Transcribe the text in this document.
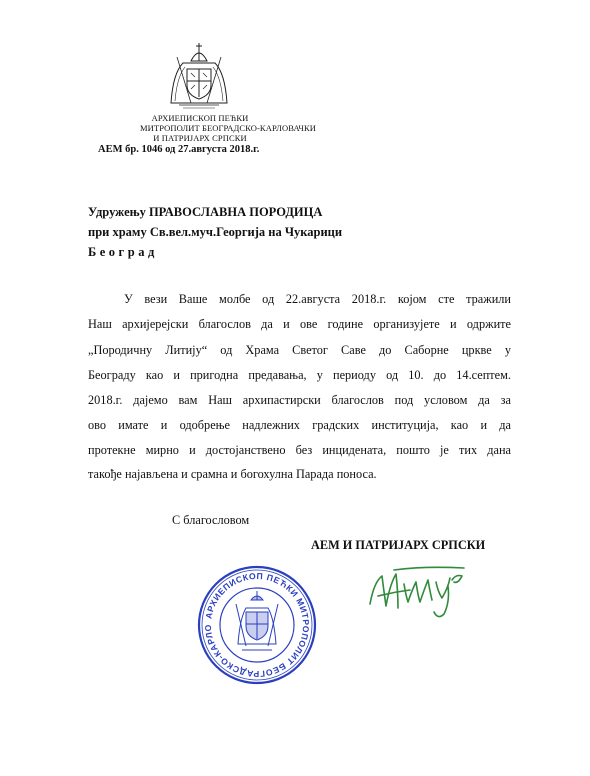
АРХИЕПИСКОП ПЕЋКИ
МИТРОПОЛИТ БЕОГРАДСКО-КАРЛОВАЧКИ
И ПАТРИЈАРХ СРПСКИ
АЕМ бр. 1046 од 27.августа 2018.г.
Удружењу ПРАВОСЛАВНА ПОРОДИЦА
при храму Св.вел.муч.Георгија на Чукарици
Београд
У вези Ваше молбе од 22.августа 2018.г. којом сте тражили
Наш архијерејски благослов да и ове године организујете и одржите
„Породичну Литију“ од Храма Светог Саве до Саборне цркве у
Београду као и пригодна предавања, у периоду од 10. до 14.септем.
2018.г. дајемо вам Наш архипастирски благослов под условом да за
ово имате и одобрење надлежних градских институција, као и да
протекне мирно и достојанствено без инцидената, пошто је тих дана
такође најављена и срамна и богохулна Парада поноса.
С благословом
АЕМ И ПАТРИЈАРХ СРПСКИ
АРХИЕПИСКОП ПЕЋКИ МИТРОПОЛИТ БЕОГРАДСКО-КАРЛО
